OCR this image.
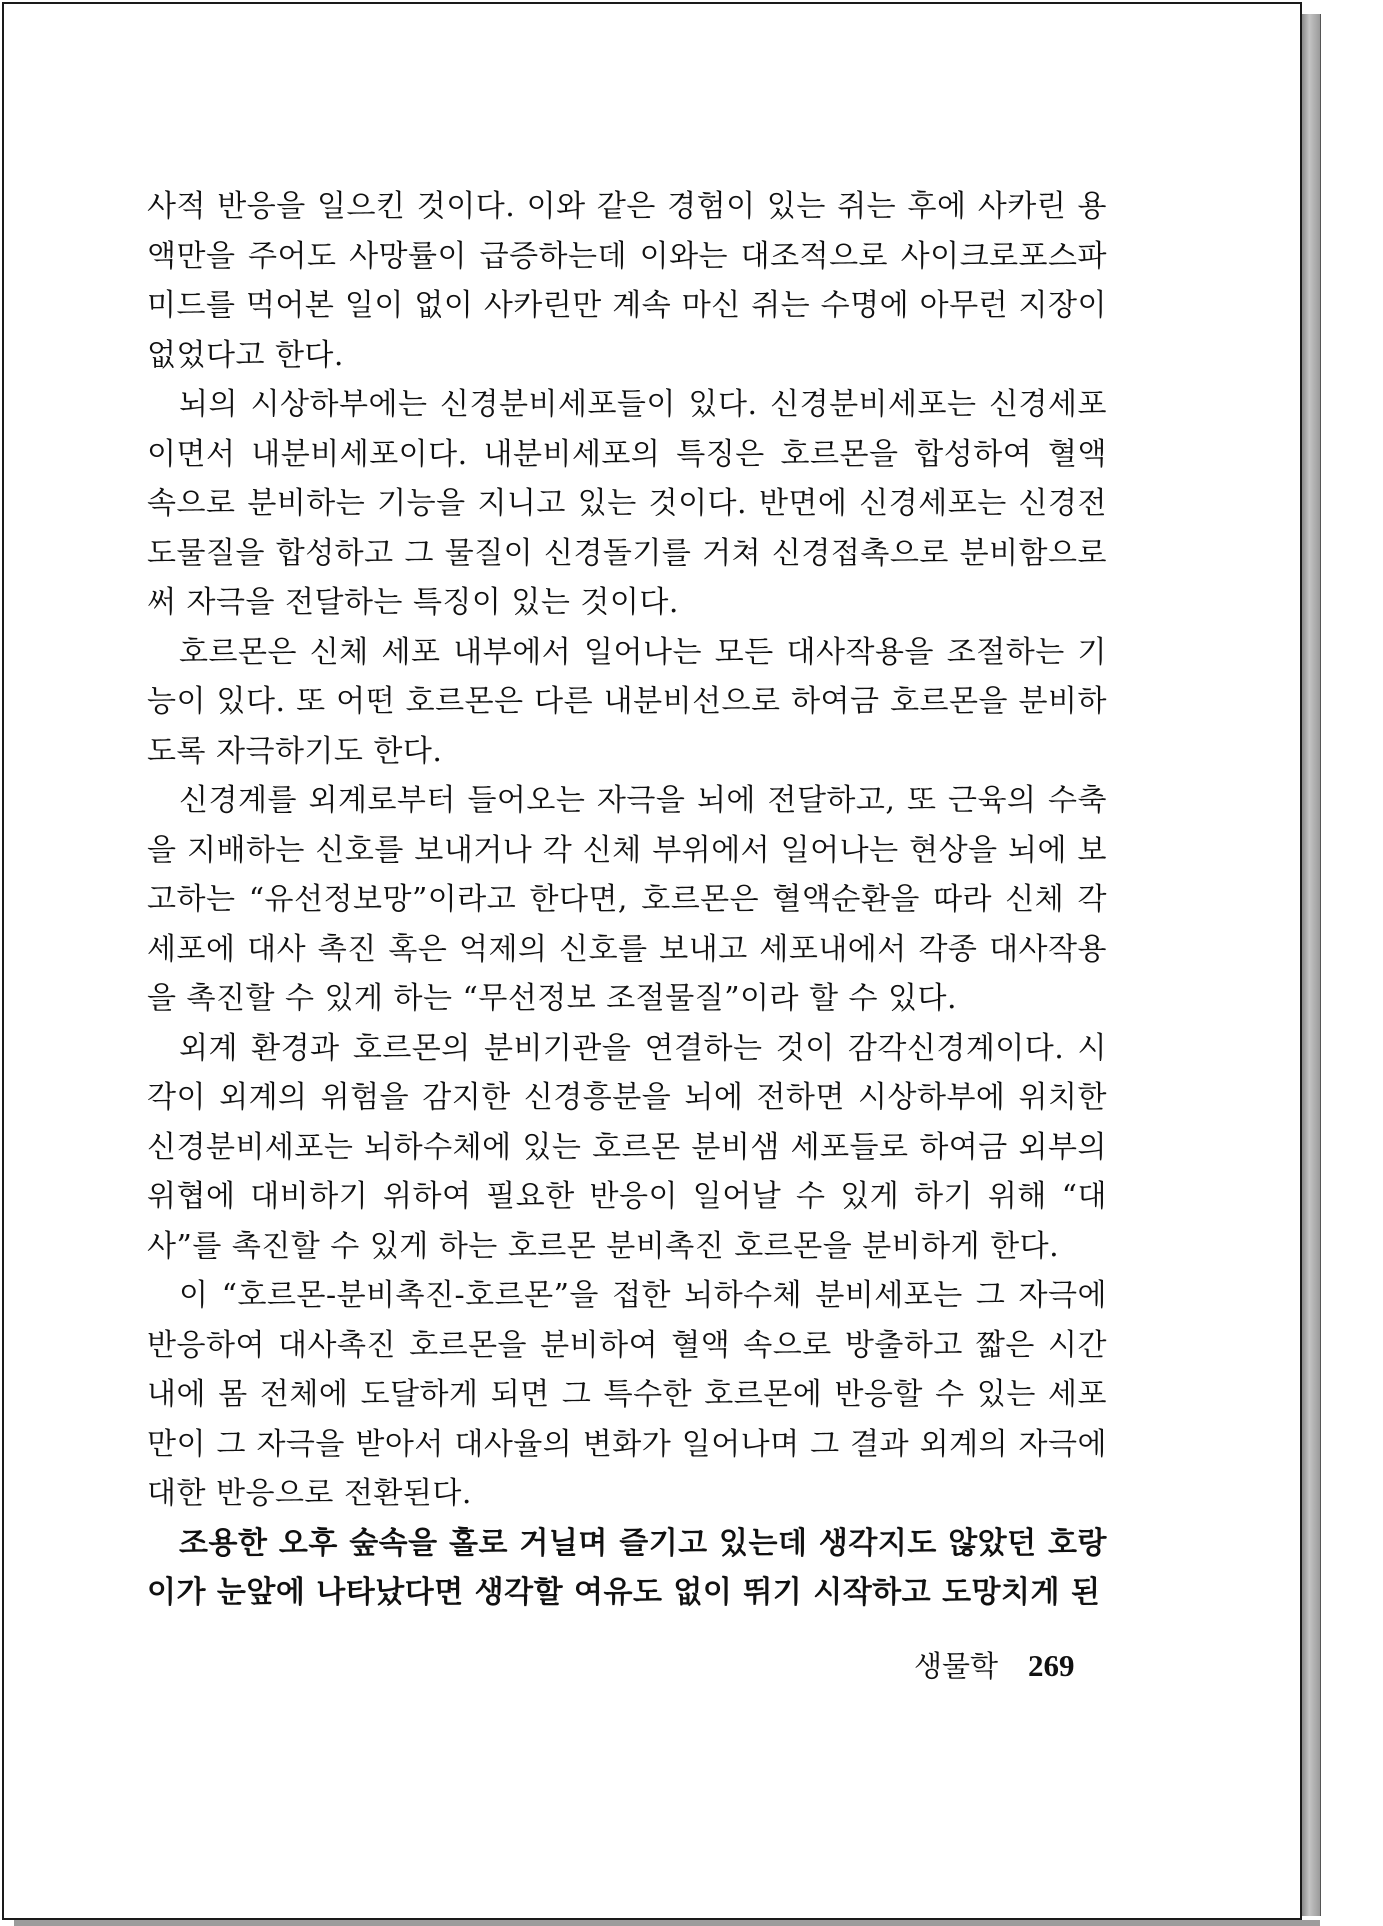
사적 반응을 일으킨 것이다. 이와 같은 경험이 있는 쥐는 후에 사카린 용액만을 주어도 사망률이 급증하는데 이와는 대조적으로 사이크로포스파미드를 먹어본 일이 없이 사카린만 계속 마신 쥐는 수명에 아무런 지장이 없었다고 한다.

뇌의 시상하부에는 신경분비세포들이 있다. 신경분비세포는 신경세포이면서 내분비세포이다. 내분비세포의 특징은 호르몬을 합성하여 혈액 속으로 분비하는 기능을 지니고 있는 것이다. 반면에 신경세포는 신경전도물질을 합성하고 그 물질이 신경돌기를 거쳐 신경접촉으로 분비함으로써 자극을 전달하는 특징이 있는 것이다.

호르몬은 신체 세포 내부에서 일어나는 모든 대사작용을 조절하는 기능이 있다. 또 어떤 호르몬은 다른 내분비선으로 하여금 호르몬을 분비하도록 자극하기도 한다.

신경계를 외계로부터 들어오는 자극을 뇌에 전달하고, 또 근육의 수축을 지배하는 신호를 보내거나 각 신체 부위에서 일어나는 현상을 뇌에 보고하는 “유선정보망”이라고 한다면, 호르몬은 혈액순환을 따라 신체 각 세포에 대사 촉진 혹은 억제의 신호를 보내고 세포내에서 각종 대사작용을 촉진할 수 있게 하는 “무선정보 조절물질”이라 할 수 있다.

외계 환경과 호르몬의 분비기관을 연결하는 것이 감각신경계이다. 시각이 외계의 위험을 감지한 신경흥분을 뇌에 전하면 시상하부에 위치한 신경분비세포는 뇌하수체에 있는 호르몬 분비샘 세포들로 하여금 외부의 위협에 대비하기 위하여 필요한 반응이 일어날 수 있게 하기 위해 “대사”를 촉진할 수 있게 하는 호르몬 분비촉진 호르몬을 분비하게 한다.

이 “호르몬-분비촉진-호르몬”을 접한 뇌하수체 분비세포는 그 자극에 반응하여 대사촉진 호르몬을 분비하여 혈액 속으로 방출하고 짧은 시간내에 몸 전체에 도달하게 되면 그 특수한 호르몬에 반응할 수 있는 세포만이 그 자극을 받아서 대사율의 변화가 일어나며 그 결과 외계의 자극에 대한 반응으로 전환된다.

조용한 오후 숲속을 홀로 거닐며 즐기고 있는데 생각지도 않았던 호랑이가 눈앞에 나타났다면 생각할 여유도 없이 뛰기 시작하고 도망치게 된

생물학 269
